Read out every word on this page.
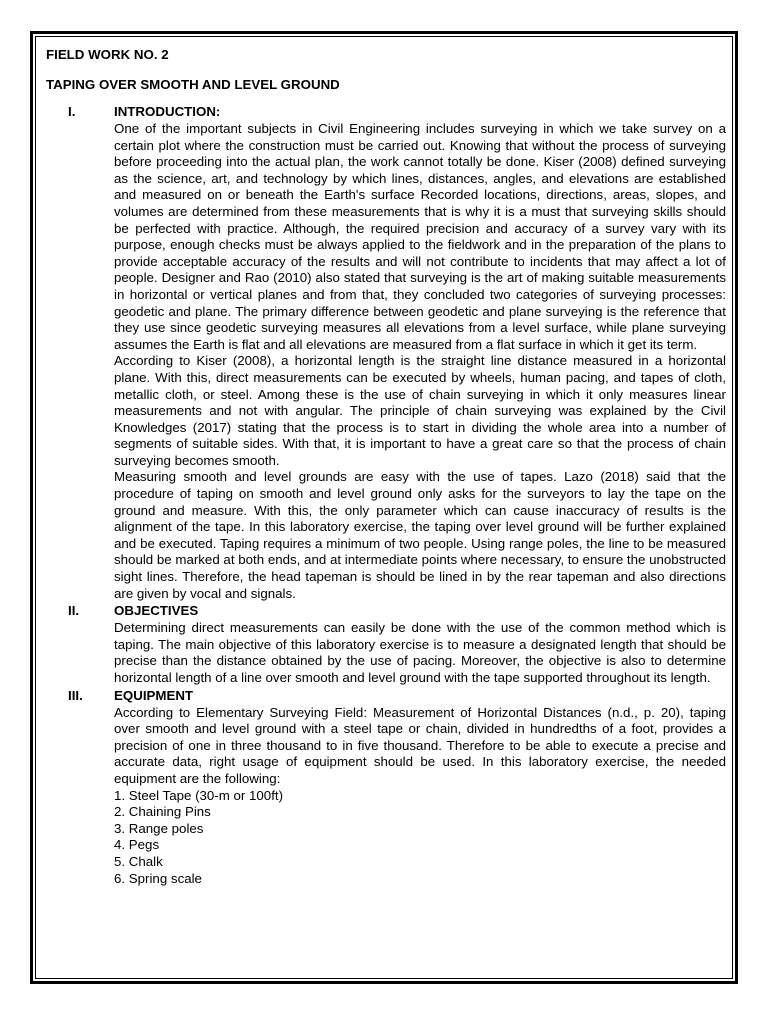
FIELD WORK NO. 2
TAPING OVER SMOOTH AND LEVEL GROUND
I.	INTRODUCTION:

One of the important subjects in Civil Engineering includes surveying in which we take survey on a certain plot where the construction must be carried out. Knowing that without the process of surveying before proceeding into the actual plan, the work cannot totally be done. Kiser (2008) defined surveying as the science, art, and technology by which lines, distances, angles, and elevations are established and measured on or beneath the Earth's surface Recorded locations, directions, areas, slopes, and volumes are determined from these measurements that is why it is a must that surveying skills should be perfected with practice. Although, the required precision and accuracy of a survey vary with its purpose, enough checks must be always applied to the fieldwork and in the preparation of the plans to provide acceptable accuracy of the results and will not contribute to incidents that may affect a lot of people. Designer and Rao (2010) also stated that surveying is the art of making suitable measurements in horizontal or vertical planes and from that, they concluded two categories of surveying processes: geodetic and plane. The primary difference between geodetic and plane surveying is the reference that they use since geodetic surveying measures all elevations from a level surface, while plane surveying assumes the Earth is flat and all elevations are measured from a flat surface in which it get its term.

According to Kiser (2008), a horizontal length is the straight line distance measured in a horizontal plane. With this, direct measurements can be executed by wheels, human pacing, and tapes of cloth, metallic cloth, or steel. Among these is the use of chain surveying in which it only measures linear measurements and not with angular. The principle of chain surveying was explained by the Civil Knowledges (2017) stating that the process is to start in dividing the whole area into a number of segments of suitable sides. With that, it is important to have a great care so that the process of chain surveying becomes smooth.

Measuring smooth and level grounds are easy with the use of tapes. Lazo (2018) said that the procedure of taping on smooth and level ground only asks for the surveyors to lay the tape on the ground and measure. With this, the only parameter which can cause inaccuracy of results is the alignment of the tape. In this laboratory exercise, the taping over level ground will be further explained and be executed. Taping requires a minimum of two people. Using range poles, the line to be measured should be marked at both ends, and at intermediate points where necessary, to ensure the unobstructed sight lines. Therefore, the head tapeman is should be lined in by the rear tapeman and also directions are given by vocal and signals.

II.	OBJECTIVES

Determining direct measurements can easily be done with the use of the common method which is taping. The main objective of this laboratory exercise is to measure a designated length that should be precise than the distance obtained by the use of pacing. Moreover, the objective is also to determine horizontal length of a line over smooth and level ground with the tape supported throughout its length.

III. EQUIPMENT

According to Elementary Surveying Field: Measurement of Horizontal Distances (n.d., p. 20), taping over smooth and level ground with a steel tape or chain, divided in hundredths of a foot, provides a precision of one in three thousand to in five thousand. Therefore to be able to execute a precise and accurate data, right usage of equipment should be used. In this laboratory exercise, the needed equipment are the following:

1. Steel Tape (30-m or 100ft)
2. Chaining Pins
3. Range poles
4. Pegs
5. Chalk
6. Spring scale
